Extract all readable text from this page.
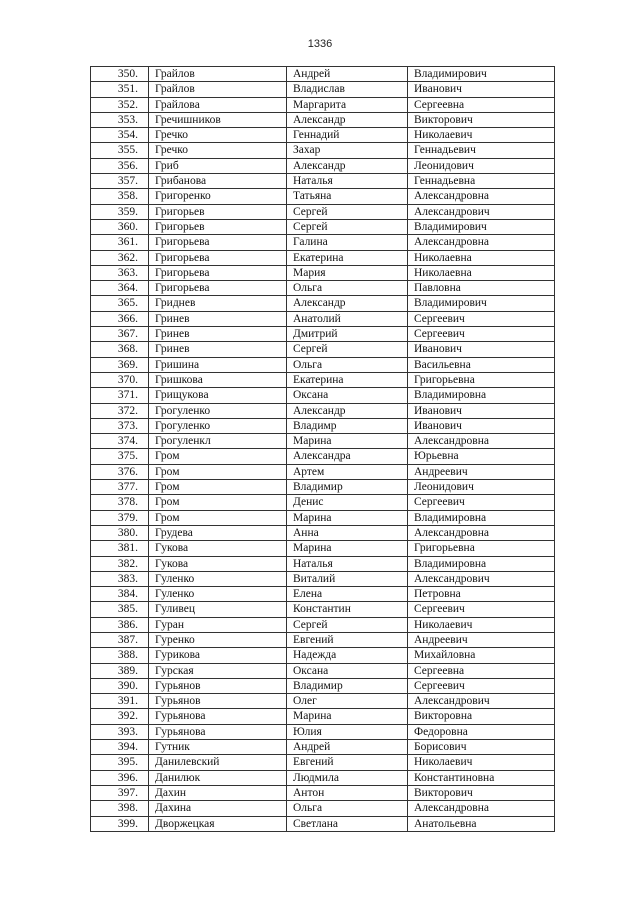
1336
350.	Грайлов	Андрей	Владимирович
351.	Грайлов	Владислав	Иванович
352.	Грайлова	Маргарита	Сергеевна
353.	Гречишников	Александр	Викторович
354.	Гречко	Геннадий	Николаевич
355.	Гречко	Захар	Геннадьевич
356.	Гриб	Александр	Леонидович
357.	Грибанова	Наталья	Геннадьевна
358.	Григоренко	Татьяна	Александровна
359.	Григорьев	Сергей	Александрович
360.	Григорьев	Сергей	Владимирович
361.	Григорьева	Галина	Александровна
362.	Григорьева	Екатерина	Николаевна
363.	Григорьева	Мария	Николаевна
364.	Григорьева	Ольга	Павловна
365.	Гриднев	Александр	Владимирович
366.	Гринев	Анатолий	Сергеевич
367.	Гринев	Дмитрий	Сергеевич
368.	Гринев	Сергей	Иванович
369.	Гришина	Ольга	Васильевна
370.	Гришкова	Екатерина	Григорьевна
371.	Грищукова	Оксана	Владимировна
372.	Грогуленко	Александр	Иванович
373.	Грогуленко	Владимр	Иванович
374.	Грогуленкл	Марина	Александровна
375.	Гром	Александра	Юрьевна
376.	Гром	Артем	Андреевич
377.	Гром	Владимир	Леонидович
378.	Гром	Денис	Сергеевич
379.	Гром	Марина	Владимировна
380.	Грудева	Анна	Александровна
381.	Гукова	Марина	Григорьевна
382.	Гукова	Наталья	Владимировна
383.	Гуленко	Виталий	Александрович
384.	Гуленко	Елена	Петровна
385.	Гуливец	Константин	Сергеевич
386.	Гуран	Сергей	Николаевич
387.	Гуренко	Евгений	Андреевич
388.	Гурикова	Надежда	Михайловна
389.	Гурская	Оксана	Сергеевна
390.	Гурьянов	Владимир	Сергеевич
391.	Гурьянов	Олег	Александрович
392.	Гурьянова	Марина	Викторовна
393.	Гурьянова	Юлия	Федоровна
394.	Гутник	Андрей	Борисович
395.	Данилевский	Евгений	Николаевич
396.	Данилюк	Людмила	Константиновна
397.	Дахин	Антон	Викторович
398.	Дахина	Ольга	Александровна
399.	Дворжецкая	Светлана	Анатольевна
